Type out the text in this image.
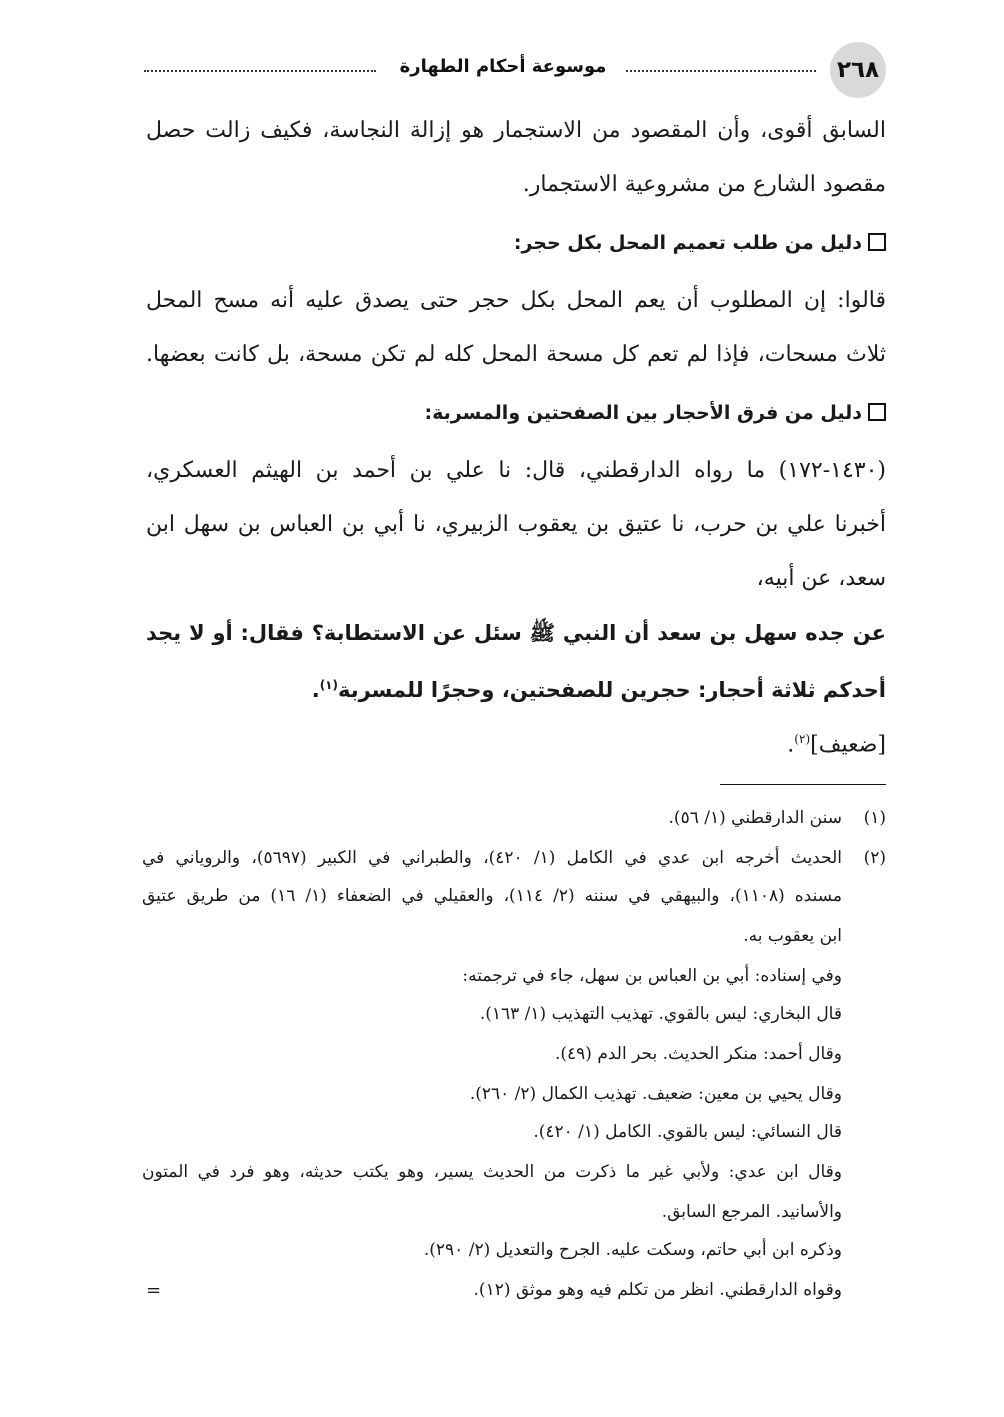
٢٦٨
موسوعة أحكام الطهارة
السابق أقوى، وأن المقصود من الاستجمار هو إزالة النجاسة، فكيف زالت حصل
مقصود الشارع من مشروعية الاستجمار.
دليل من طلب تعميم المحل بكل حجر:
قالوا: إن المطلوب أن يعم المحل بكل حجر حتى يصدق عليه أنه مسح المحل
ثلاث مسحات، فإذا لم تعم كل مسحة المحل كله لم تكن مسحة، بل كانت بعضها.
دليل من فرق الأحجار بين الصفحتين والمسربة:
(١٤٣٠-١٧٢) ما رواه الدارقطني، قال: نا علي بن أحمد بن الهيثم العسكري،
أخبرنا علي بن حرب، نا عتيق بن يعقوب الزبيري، نا أبي بن العباس بن سهل ابن
سعد، عن أبيه،
عن جده سهل بن سعد أن النبي ﷺ سئل عن الاستطابة؟ فقال: أو لا يجد
أحدكم ثلاثة أحجار: حجرين للصفحتين، وحجرًا للمسربة$^{(١)}$.
[ضعيف]$^{(٢)}$.
(١)
سنن الدارقطني (١/ ٥٦).
(٢)
الحديث أخرجه ابن عدي في الكامل (١/ ٤٢٠)، والطبراني في الكبير (٥٦٩٧)، والروياني في
مسنده (١١٠٨)، والبيهقي في سننه (٢/ ١١٤)، والعقيلي في الضعفاء (١/ ١٦) من طريق عتيق
ابن يعقوب به.
وفي إسناده: أبي بن العباس بن سهل، جاء في ترجمته:
قال البخاري: ليس بالقوي. تهذيب التهذيب (١/ ١٦٣).
وقال أحمد: منكر الحديث. بحر الدم (٤٩).
وقال يحيي بن معين: ضعيف. تهذيب الكمال (٢/ ٢٦٠).
قال النسائي: ليس بالقوي. الكامل (١/ ٤٢٠).
وقال ابن عدي: ولأبي غير ما ذكرت من الحديث يسير، وهو يكتب حديثه، وهو فرد في المتون
والأسانيد. المرجع السابق.
وذكره ابن أبي حاتم، وسكت عليه. الجرح والتعديل (٢/ ٢٩٠).
وقواه الدارقطني. انظر من تكلم فيه وهو موثق (١٢).
=
